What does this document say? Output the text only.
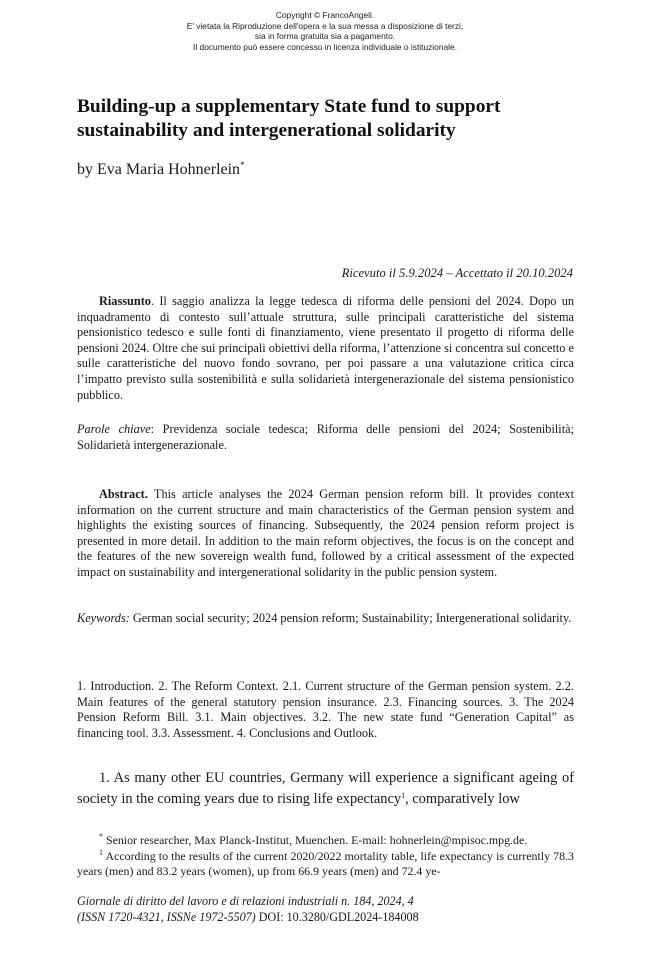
Copyright © FrancoAngeli.
E' vietata la Riproduzione dell'opera e la sua messa a disposizione di terzi,
sia in forma gratuita sia a pagamento.
Il documento può essere concesso in licenza individuale o istituzionale.
Building-up a supplementary State fund to support sustainability and intergenerational solidarity
by Eva Maria Hohnerlein*
Ricevuto il 5.9.2024 – Accettato il 20.10.2024

Riassunto. Il saggio analizza la legge tedesca di riforma delle pensioni del 2024. Dopo un inquadramento di contesto sull’attuale struttura, sulle principali caratteristiche del sistema pensionistico tedesco e sulle fonti di finanziamento, viene presentato il progetto di riforma delle pensioni 2024. Oltre che sui principali obiettivi della riforma, l’attenzione si concentra sul concetto e sulle caratteristiche del nuovo fondo sovrano, per poi passare a una valutazione critica circa l’impatto previsto sulla sostenibilità e sulla solidarietà intergenerazionale del sistema pensionistico pubblico.

Parole chiave: Previdenza sociale tedesca; Riforma delle pensioni del 2024; Sostenibilità; Solidarietà intergenerazionale.

Abstract. This article analyses the 2024 German pension reform bill. It provides context information on the current structure and main characteristics of the German pension system and highlights the existing sources of financing. Subsequently, the 2024 pension reform project is presented in more detail. In addition to the main reform objectives, the focus is on the concept and the features of the new sovereign wealth fund, followed by a critical assessment of the expected impact on sustainability and intergenerational solidarity in the public pension system.

Keywords: German social security; 2024 pension reform; Sustainability; Intergenerational solidarity.

1. Introduction. 2. The Reform Context. 2.1. Current structure of the German pension system. 2.2. Main features of the general statutory pension insurance. 2.3. Financing sources. 3. The 2024 Pension Reform Bill. 3.1. Main objectives. 3.2. The new state fund “Generation Capital” as financing tool. 3.3. Assessment. 4. Conclusions and Outlook.

1. As many other EU countries, Germany will experience a significant ageing of society in the coming years due to rising life expectancy$^1$, comparatively low

* Senior researcher, Max Planck-Institut, Muenchen. E-mail: hohnerlein@mpisoc.mpg.de.

$^1$ According to the results of the current 2020/2022 mortality table, life expectancy is currently 78.3 years (men) and 83.2 years (women), up from 66.9 years (men) and 72.4 ye-

Giornale di diritto del lavoro e di relazioni industriali n. 184, 2024, 4
(ISSN 1720-4321, ISSNe 1972-5507) DOI: 10.3280/GDL2024-184008
